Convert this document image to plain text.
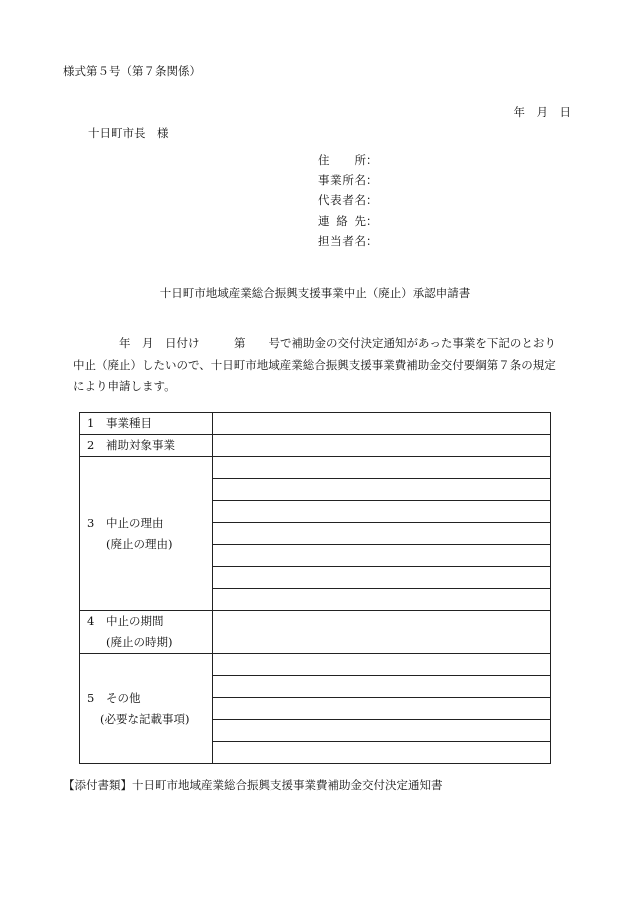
様式第５号（第７条関係）
年　月　日
十日町市長　様
住 所 ：
事 業 所 名 ：
代 表 者 名 ：
連 絡 先 ：
担 当 者 名 ：
十日町市地域産業総合振興支援事業中止（廃止）承認申請書

　　　　年　月　日付け　　　第　　号で補助金の交付決定通知があった事業を下記のとおり

中止（廃止）したいので、十日町市地域産業総合振興支援事業費補助金交付要綱第７条の規定

により申請します。

1 事業種目	
2 補助対象事業	

3 中止の理由
(廃止の理由)	

4 中止の期間
(廃止の時期)	

5 その他
(必要な記載事項)	

【添付書類】十日町市地域産業総合振興支援事業費補助金交付決定通知書
